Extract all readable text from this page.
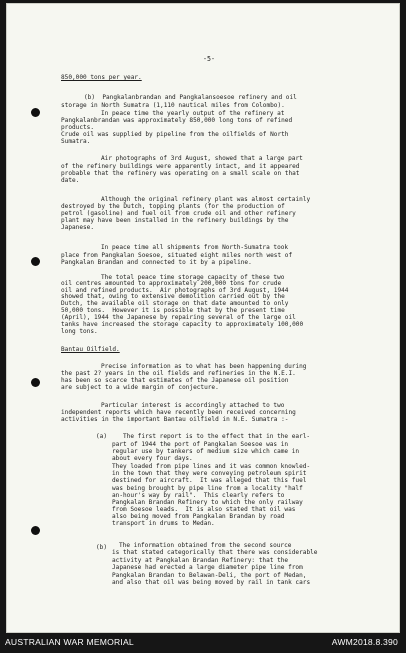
-5-
850,000 tons per year.
(b)  Pangkalanbrandan and Pangkalansoesoe refinery and oil
storage in North Sumatra (1,110 nautical miles from Colombo).
In peace time the yearly output of the refinery at
Pangkalanbrandan was approximately 850,000 long tons of refined
products.
Crude oil was supplied by pipeline from the oilfields of North
Sumatra.
Air photographs of 3rd August, showed that a large part
of the refinery buildings were apparently intact, and it appeared
probable that the refinery was operating on a small scale on that
date.
Although the original refinery plant was almost certainly
destroyed by the Dutch, topping plants (for the production of
petrol (gasoline) and fuel oil from crude oil and other refinery
plant may have been installed in the refinery buildings by the
Japanese.
In peace time all shipments from North-Sumatra took
place from Pangkalan Soesoe, situated eight miles north west of
Pangkalan Brandan and connected to it by a pipeline.
The total peace time storage capacity of these two
oil centres amounted to approximately 200,000 tons for crude
oil and refined products.  Air photographs of 3rd August, 1944
showed that, owing to extensive demolition carried out by the
Dutch, the available oil storage on that date amounted to only
50,000 tons.  However it is possible that by the present time
(April), 1944 the Japanese by repairing several of the large oil
tanks have increased the storage capacity to approximately 100,000
long tons.
Bantau Oilfield.
Precise information as to what has been happening during
the past 2? years in the oil fields and refineries in the N.E.I.
has been so scarce that estimates of the Japanese oil position
are subject to a wide margin of conjecture.
Particular interest is accordingly attached to two
independent reports which have recently been received concerning
activities in the important Bantau oilfield in N.E. Sumatra :-
(a)	The first report is to the effect that in the earl-
part of 1944 the port of Pangkalan Soesoe was in
regular use by tankers of medium size which came in
about every four days.
They loaded from pipe lines and it was common knowled-
in the town that they were conveying petroleum spirit
destined for aircraft.  It was alleged that this fuel
was being brought by pipe line from a locality "half
an-hour's way by rail".  This clearly refers to
Pangkalan Brandan Refinery to which the only railway
from Soesoe leads.  It is also stated that oil was
also being moved from Pangkalan Brandan by road
transport in drums to Medan.
(b) The information obtained from the second source
is that stated categorically that there was considerable
activity at Pangkalan Brandan Refinery: that the
Japanese had erected a large diameter pipe line from
Pangkalan Brandan to Belawan-Deli, the port of Medan,
and also that oil was being moved by rail in tank cars
AUSTRALIAN WAR MEMORIAL	AWM2018.8.390
